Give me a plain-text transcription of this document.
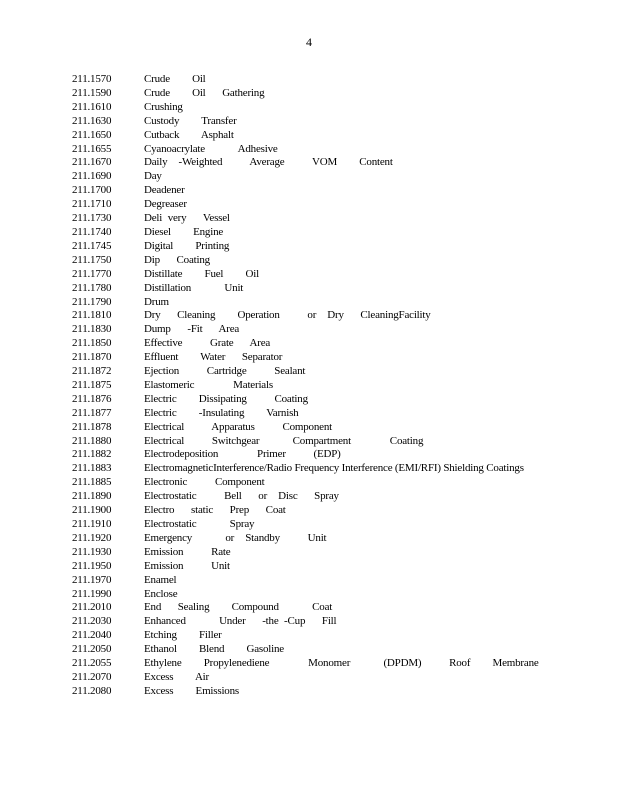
4
211.1570	Crude    Oil
211.1590	Crude    Oil   Gathering
211.1610	Crushing
211.1630	Custody    Transfer
211.1650	Cutback    Asphalt
211.1655	Cyanoacrylate      Adhesive
211.1670	Daily  -Weighted     Average     VOM    Content
211.1690	Day
211.1700	Deadener
211.1710	Degreaser
211.1730	Deli very   Vessel
211.1740	Diesel    Engine
211.1745	Digital    Printing
211.1750	Dip   Coating
211.1770	Distillate    Fuel    Oil
211.1780	Distillation      Unit
211.1790	Drum
211.1810	Dry   Cleaning    Operation     or  Dry   CleaningFacility
211.1830	Dump   -Fit   Area
211.1850	Effective     Grate   Area
211.1870	Effluent    Water   Separator
211.1872	Ejection     Cartridge     Sealant
211.1875	Elastomeric       Materials
211.1876	Electric    Dissipating     Coating
211.1877	Electric    -Insulating    Varnish
211.1878	Electrical     Apparatus     Component
211.1880	Electrical     Switchgear      Compartment       Coating
211.1882	Electrodeposition       Primer     (EDP)
211.1883	ElectromagneticInterference/Radio Frequency Interference (EMI/RFI) Shielding Coatings
211.1885	Electronic     Component
211.1890	Electrostatic     Bell   or  Disc   Spray
211.1900	Electro   static   Prep   Coat
211.1910	Electrostatic      Spray
211.1920	Emergency      or  Standby     Unit
211.1930	Emission     Rate
211.1950	Emission     Unit
211.1970	Enamel
211.1990	Enclose
211.2010	End   Sealing    Compound      Coat
211.2030	Enhanced      Under   -the -Cup   Fill
211.2040	Etching    Filler
211.2050	Ethanol    Blend    Gasoline
211.2055	Ethylene    Propylenediene       Monomer      (DPDM)     Roof    Membrane
211.2070	Excess    Air
211.2080	Excess    Emissions
